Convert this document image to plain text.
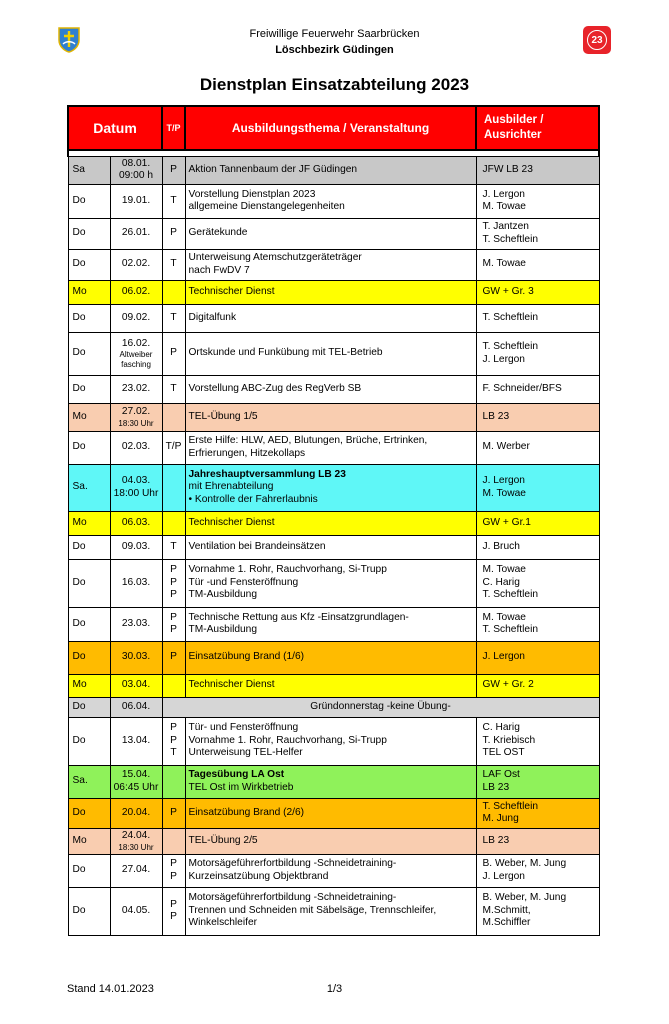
23
Freiwillige Feuerwehr Saarbrücken
Löschbezirk Güdingen
Dienstplan Einsatzabteilung 2023
Datum		T/P	Ausbildungsthema / Veranstaltung	Ausbilder /
Ausrichter

Sa	08.01.
09:00 h	P	Aktion Tannenbaum der JF Güdingen	JFW LB 23

Do	19.01.	T	Vorstellung Dienstplan 2023
allgemeine Dienstangelegenheiten	J. Lergon
M. Towae

Do	26.01.	P	Gerätekunde	T. Jantzen
T. Scheftlein

Do	02.02.	T	Unterweisung Atemschutzgeräteträger
nach FwDV 7	M. Towae

Mo	06.02.		Technischer Dienst	GW + Gr. 3

Do	09.02.	T	Digitalfunk	T. Scheftlein

Do	16.02.
Altweiber
fasching	P	Ortskunde und Funkübung mit TEL-Betrieb	T. Scheftlein
J. Lergon

Do	23.02.	T	Vorstellung ABC-Zug des RegVerb SB	F. Schneider/BFS

Mo	27.02.
18:30 Uhr		TEL-Übung 1/5	LB 23

Do	02.03.	T/P	Erste Hilfe: HLW, AED, Blutungen, Brüche, Ertrinken,
Erfrierungen, Hitzekollaps	M. Werber

Sa.	04.03.
18:00 Uhr		Jahreshauptversammlung LB 23
mit Ehrenabteilung
• Kontrolle der Fahrerlaubnis	J. Lergon
M. Towae

Mo	06.03.		Technischer Dienst	GW + Gr.1

Do	09.03.	T	Ventilation bei Brandeinsätzen	J. Bruch

Do	16.03.	P
P
P	Vornahme 1. Rohr, Rauchvorhang, Si-Trupp
Tür -und Fensteröffnung
TM-Ausbildung	M. Towae
C. Harig
T. Scheftlein

Do	23.03.	P
P	Technische Rettung aus Kfz -Einsatzgrundlagen-
TM-Ausbildung	M. Towae
T. Scheftlein

Do	30.03.	P	Einsatzübung Brand (1/6)	J. Lergon

Mo	03.04.		Technischer Dienst	GW + Gr. 2

Do	06.04.	Gründonnerstag -keine Übung-		
Do	13.04.	P
P
T	Tür- und Fensteröffnung
Vornahme 1. Rohr, Rauchvorhang, Si-Trupp
Unterweisung TEL-Helfer	C. Harig
T. Kriebisch
TEL OST

Sa.	15.04.
06:45 Uhr		Tagesübung LA Ost
TEL Ost im Wirkbetrieb	LAF Ost
LB 23

Do	20.04.	P	Einsatzübung Brand (2/6)	T. Scheftlein
M. Jung

Mo	24.04.
18:30 Uhr		TEL-Übung 2/5	LB 23

Do	27.04.	P
P	Motorsägeführerfortbildung -Schneidetraining-
Kurzeinsatzübung Objektbrand	B. Weber, M. Jung
J. Lergon

Do	04.05.	P
P	Motorsägeführerfortbildung -Schneidetraining-
Trennen und Schneiden mit Säbelsäge, Trennschleifer,
Winkelschleifer	B. Weber, M. Jung
M.Schmitt,
M.Schiffler
Stand 14.01.2023	1/3
